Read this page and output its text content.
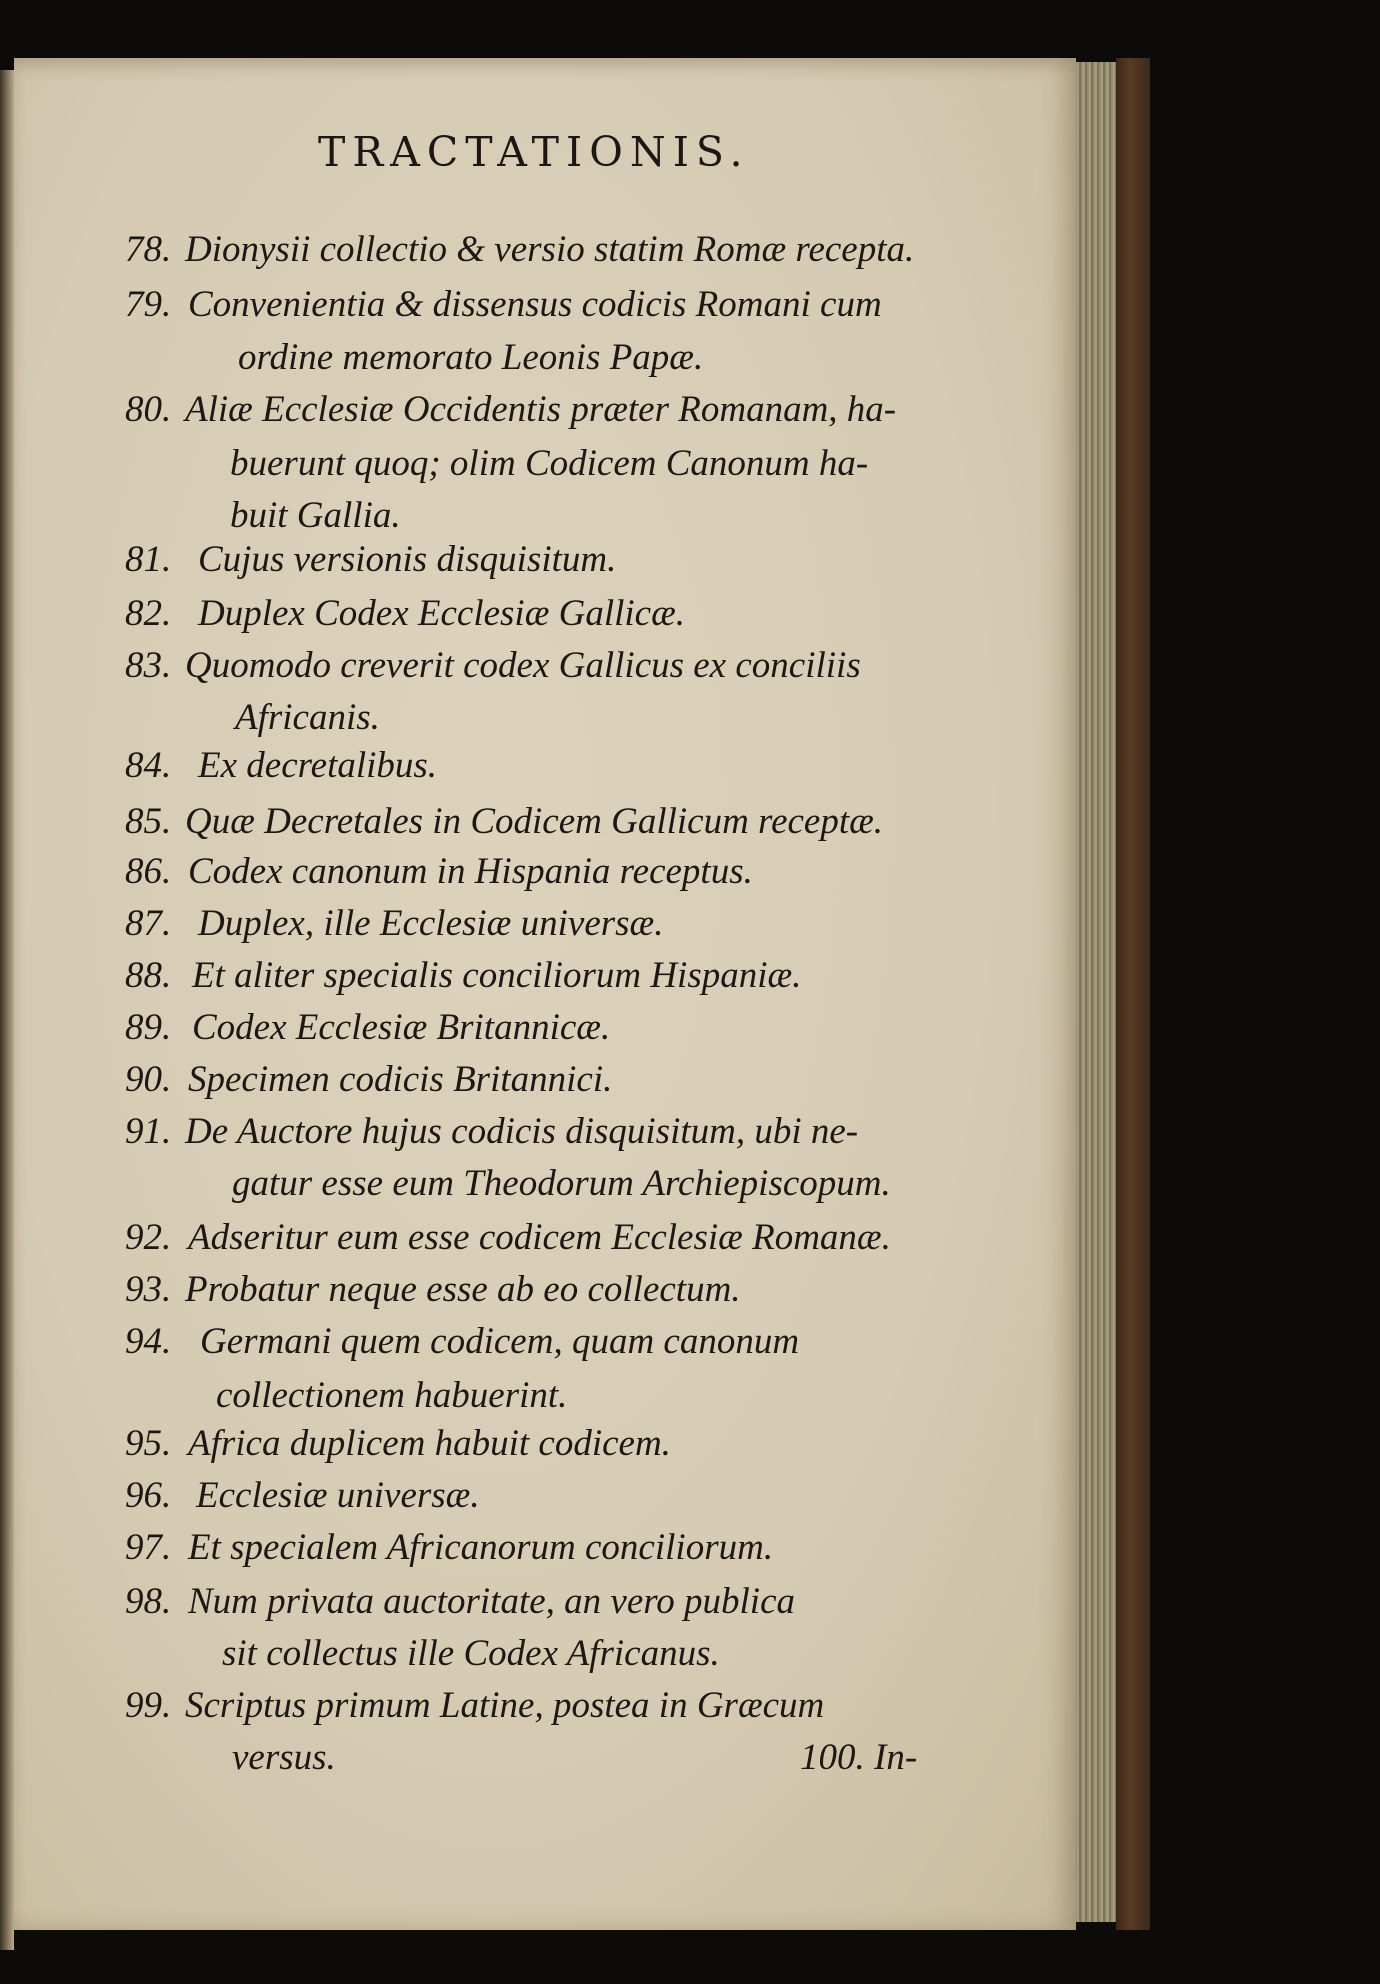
TRACTATIONIS.
78. Dionysii collectio & versio statim Romæ recepta.
79. Convenientia & dissensus codicis Romani cum
ordine memorato Leonis Papæ.
80. Aliæ Ecclesiæ Occidentis præter Romanam, ha-
buerunt quoq; olim Codicem Canonum ha-
buit Gallia.
81. Cujus versionis disquisitum.
82. Duplex Codex Ecclesiæ Gallicæ.
83. Quomodo creverit codex Gallicus ex conciliis
Africanis.
84. Ex decretalibus.
85. Quæ Decretales in Codicem Gallicum receptæ.
86. Codex canonum in Hispania receptus.
87. Duplex, ille Ecclesiæ universæ.
88. Et aliter specialis conciliorum Hispaniæ.
89. Codex Ecclesiæ Britannicæ.
90. Specimen codicis Britannici.
91. De Auctore hujus codicis disquisitum, ubi ne-
gatur esse eum Theodorum Archiepiscopum.
92. Adseritur eum esse codicem Ecclesiæ Romanæ.
93. Probatur neque esse ab eo collectum.
94. Germani quem codicem, quam canonum
collectionem habuerint.
95. Africa duplicem habuit codicem.
96. Ecclesiæ universæ.
97. Et specialem Africanorum conciliorum.
98. Num privata auctoritate, an vero publica
sit collectus ille Codex Africanus.
99. Scriptus primum Latine, postea in Græcum
versus.	100. In-
